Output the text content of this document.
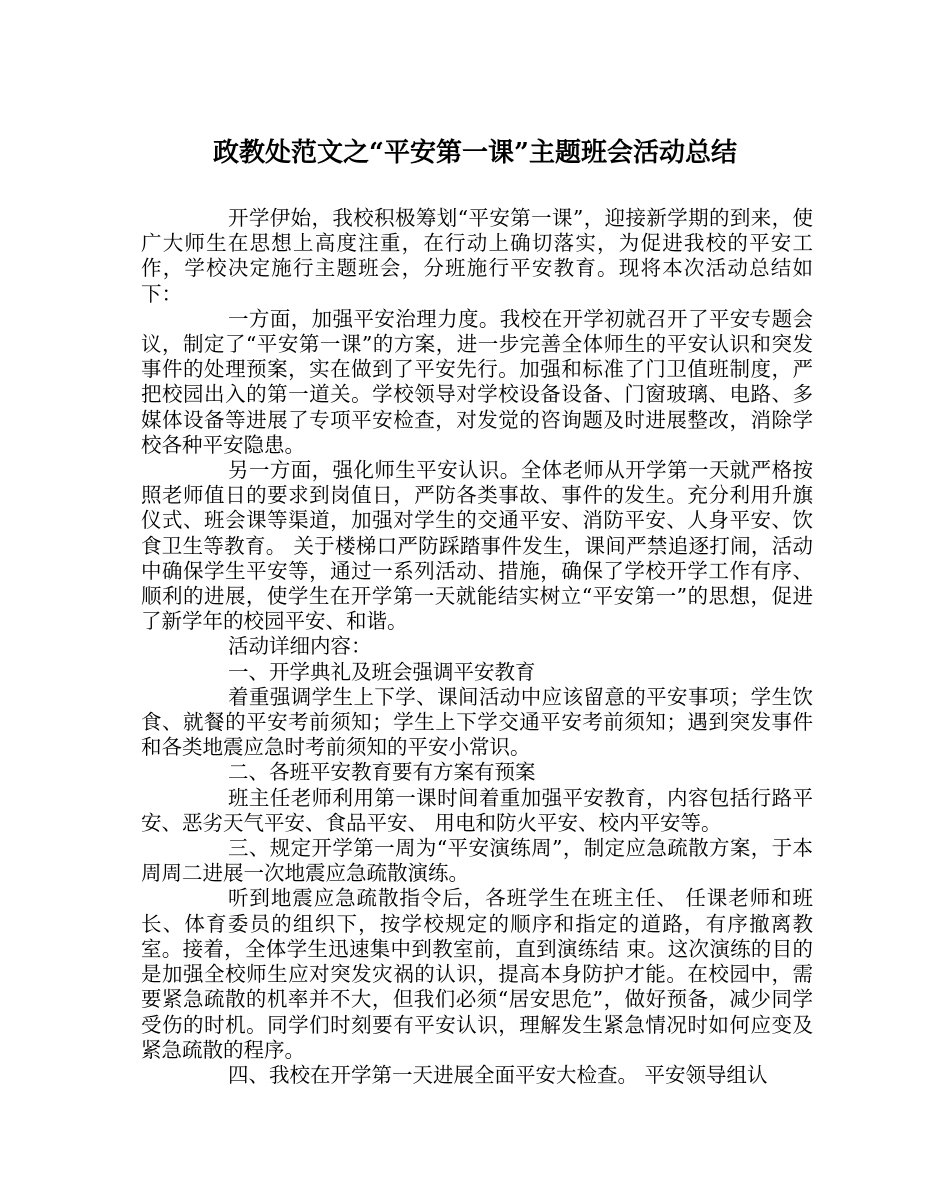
政教处范文之“平安第一课”主题班会活动总结

开学伊始，我校积极筹划“平安第一课”，迎接新学期的到来，使广大师生在思想上高度注重，在行动上确切落实，为促进我校的平安工作，学校决定施行主题班会，分班施行平安教育。现将本次活动总结如下：

一方面，加强平安治理力度。我校在开学初就召开了平安专题会议，制定了“平安第一课”的方案，进一步完善全体师生的平安认识和突发事件的处理预案，实在做到了平安先行。加强和标准了门卫值班制度，严把校园出入的第一道关。学校领导对学校设备设备、门窗玻璃、电路、多媒体设备等进展了专项平安检查，对发觉的咨询题及时进展整改，消除学校各种平安隐患。

另一方面，强化师生平安认识。全体老师从开学第一天就严格按照老师值日的要求到岗值日，严防各类事故、事件的发生。充分利用升旗仪式、班会课等渠道，加强对学生的交通平安、消防平安、人身平安、饮食卫生等教育。 关于楼梯口严防踩踏事件发生，课间严禁追逐打闹，活动中确保学生平安等，通过一系列活动、措施，确保了学校开学工作有序、顺利的进展，使学生在开学第一天就能结实树立“平安第一”的思想，促进了新学年的校园平安、和谐。

活动详细内容：

一、开学典礼及班会强调平安教育

着重强调学生上下学、课间活动中应该留意的平安事项；学生饮食、就餐的平安考前须知；学生上下学交通平安考前须知；遇到突发事件和各类地震应急时考前须知的平安小常识。

二、各班平安教育要有方案有预案

班主任老师利用第一课时间着重加强平安教育，内容包括行路平安、恶劣天气平安、食品平安、 用电和防火平安、校内平安等。

三、规定开学第一周为“平安演练周”，制定应急疏散方案，于本周周二进展一次地震应急疏散演练。

听到地震应急疏散指令后，各班学生在班主任、 任课老师和班长、体育委员的组织下，按学校规定的顺序和指定的道路，有序撤离教室。接着，全体学生迅速集中到教室前，直到演练结 束。这次演练的目的是加强全校师生应对突发灾祸的认识，提高本身防护才能。在校园中，需要紧急疏散的机率并不大，但我们必须“居安思危”，做好预备，减少同学受伤的时机。同学们时刻要有平安认识，理解发生紧急情况时如何应变及紧急疏散的程序。

四、我校在开学第一天进展全面平安大检查。 平安领导组认
